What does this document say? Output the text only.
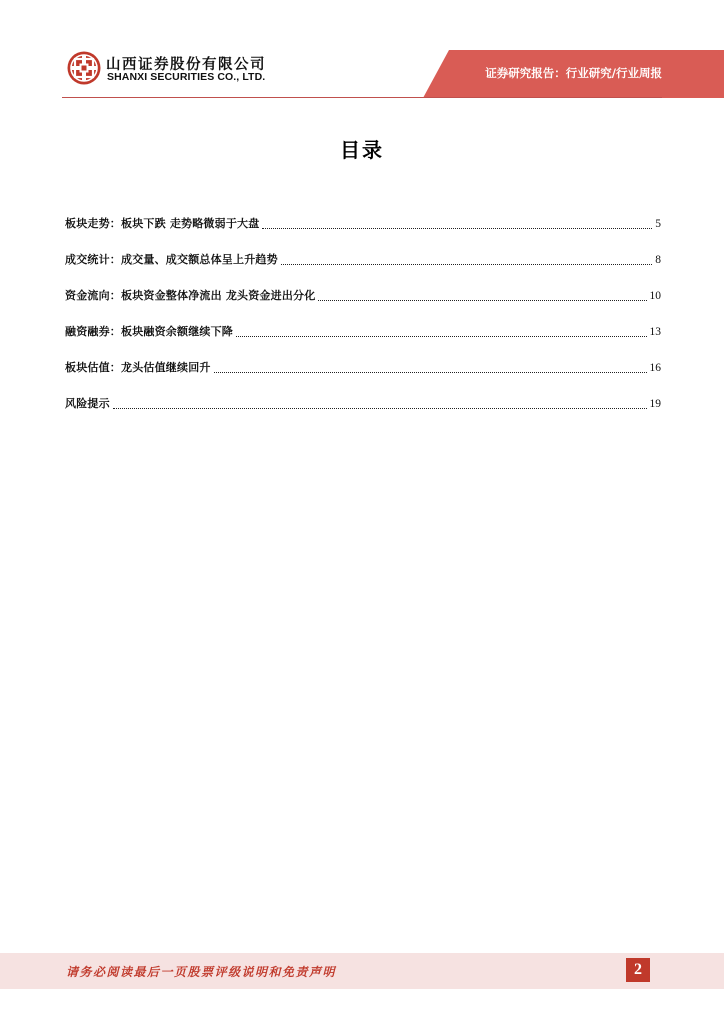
山西证券股份有限公司
SHANXI SECURITIES CO., LTD.	证券研究报告：行业研究/行业周报
目录
板块走势：板块下跌 走势略微弱于大盘	5
成交统计：成交量、成交额总体呈上升趋势	8
资金流向：板块资金整体净流出 龙头资金进出分化	10
融资融券：板块融资余额继续下降	13
板块估值：龙头估值继续回升	16
风险提示	19
请务必阅读最后一页股票评级说明和免责声明	2
